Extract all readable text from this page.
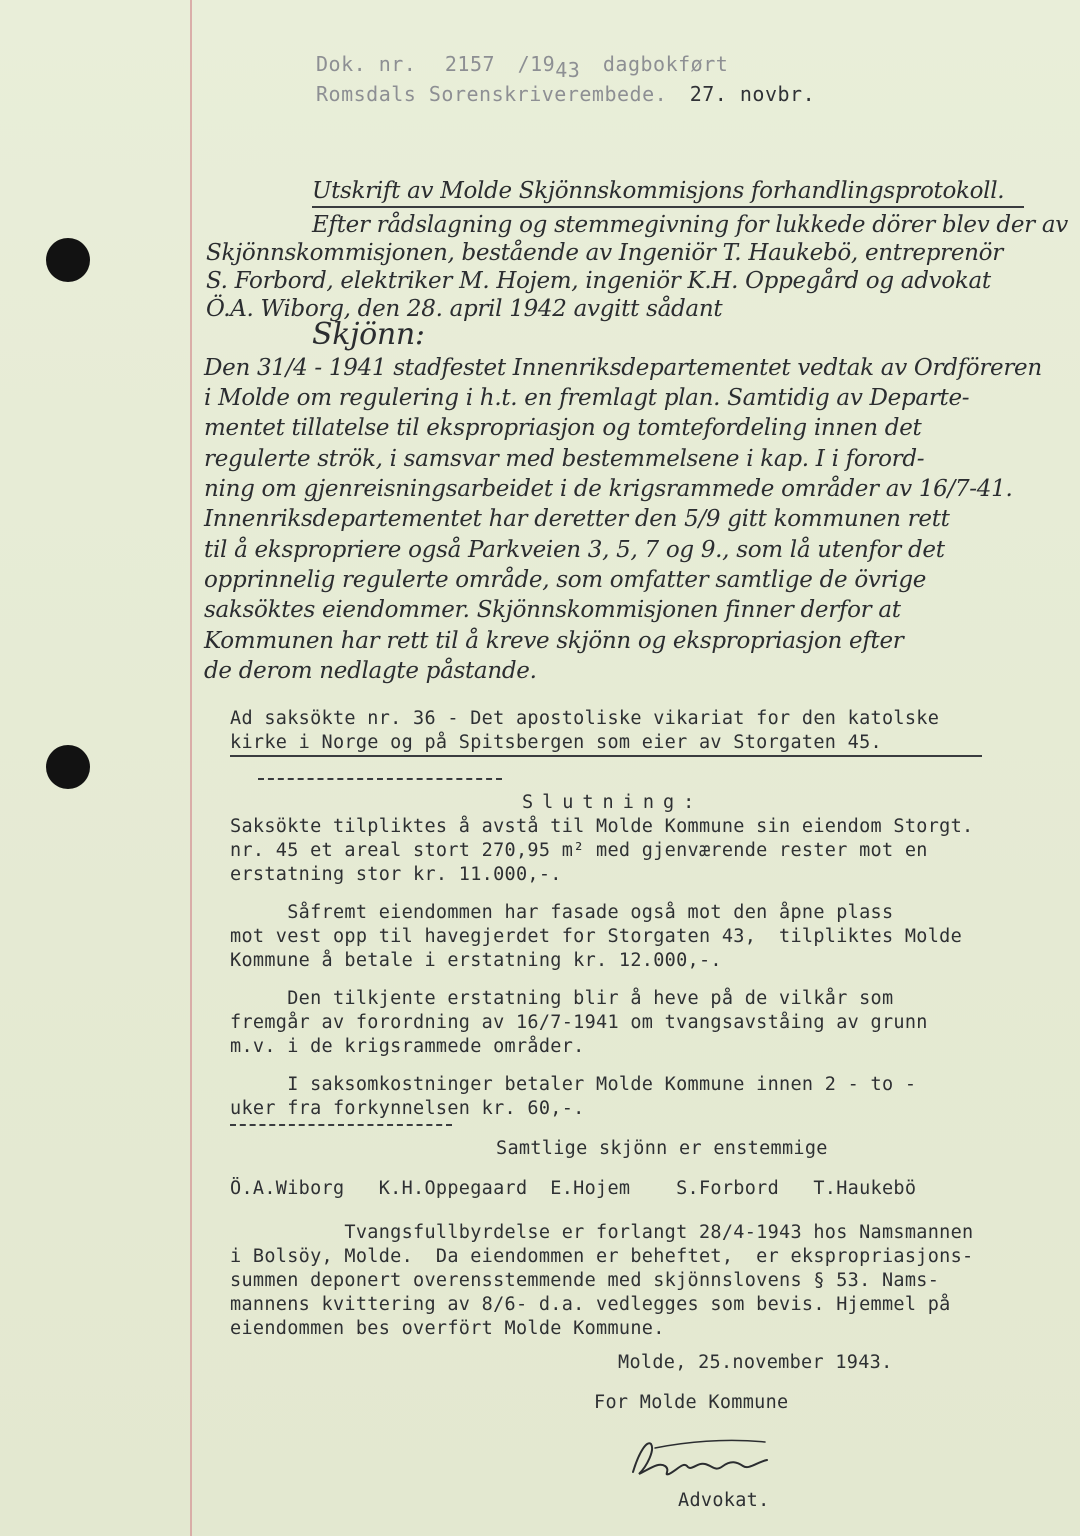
Dok. nr. 2157 /1943 dagbokført
Romsdals Sorenskriverembede. 27. novbr.
Utskrift av Molde Skjönnskommisjons forhandlingsprotokoll.
Efter rådslagning og stemmegivning for lukkede dörer blev der av
Skjönnskommisjonen, bestående av Ingeniör T. Haukebö, entreprenör
S. Forbord, elektriker M. Hojem, ingeniör K.H. Oppegård og advokat
Ö.A. Wiborg, den 28. april 1942 avgitt sådant
Skjönn:
Den 31/4 - 1941 stadfestet Innenriksdepartementet vedtak av Ordföreren
i Molde om regulering i h.t. en fremlagt plan. Samtidig av Departe-
mentet tillatelse til ekspropriasjon og tomtefordeling innen det
regulerte strök, i samsvar med bestemmelsene i kap. I i forord-
ning om gjenreisningsarbeidet i de krigsrammede områder av 16/7-41.
Innenriksdepartementet har deretter den 5/9 gitt kommunen rett
til å ekspropriere også Parkveien 3, 5, 7 og 9., som lå utenfor det
opprinnelig regulerte område, som omfatter samtlige de övrige
saksöktes eiendommer. Skjönnskommisjonen finner derfor at
Kommunen har rett til å kreve skjönn og ekspropriasjon efter
de derom nedlagte påstande.
Ad saksökte nr. 36 - Det apostoliske vikariat for den katolske
kirke i Norge og på Spitsbergen som eier av Storgaten 45.
Slutning:
Saksökte tilpliktes å avstå til Molde Kommune sin eiendom Storgt.
nr. 45 et areal stort 270,95 m² med gjenværende rester mot en
erstatning stor kr. 11.000,-.
Såfremt eiendommen har fasade også mot den åpne plass
mot vest opp til havegjerdet for Storgaten 43,  tilpliktes Molde
Kommune å betale i erstatning kr. 12.000,-.
Den tilkjente erstatning blir å heve på de vilkår som
fremgår av forordning av 16/7-1941 om tvangsavståing av grunn
m.v. i de krigsrammede områder.
I saksomkostninger betaler Molde Kommune innen 2 - to -
uker fra forkynnelsen kr. 60,-.
Samtlige skjönn er enstemmige
Ö.A.Wiborg   K.H.Oppegaard  E.Hojem    S.Forbord   T.Haukebö
Tvangsfullbyrdelse er forlangt 28/4-1943 hos Namsmannen
i Bolsöy, Molde.  Da eiendommen er beheftet,  er ekspropriasjons-
summen deponert overensstemmende med skjönnslovens § 53. Nams-
mannens kvittering av 8/6- d.a. vedlegges som bevis. Hjemmel på
eiendommen bes overfört Molde Kommune.
Molde, 25.november 1943.
For Molde Kommune
Advokat.
